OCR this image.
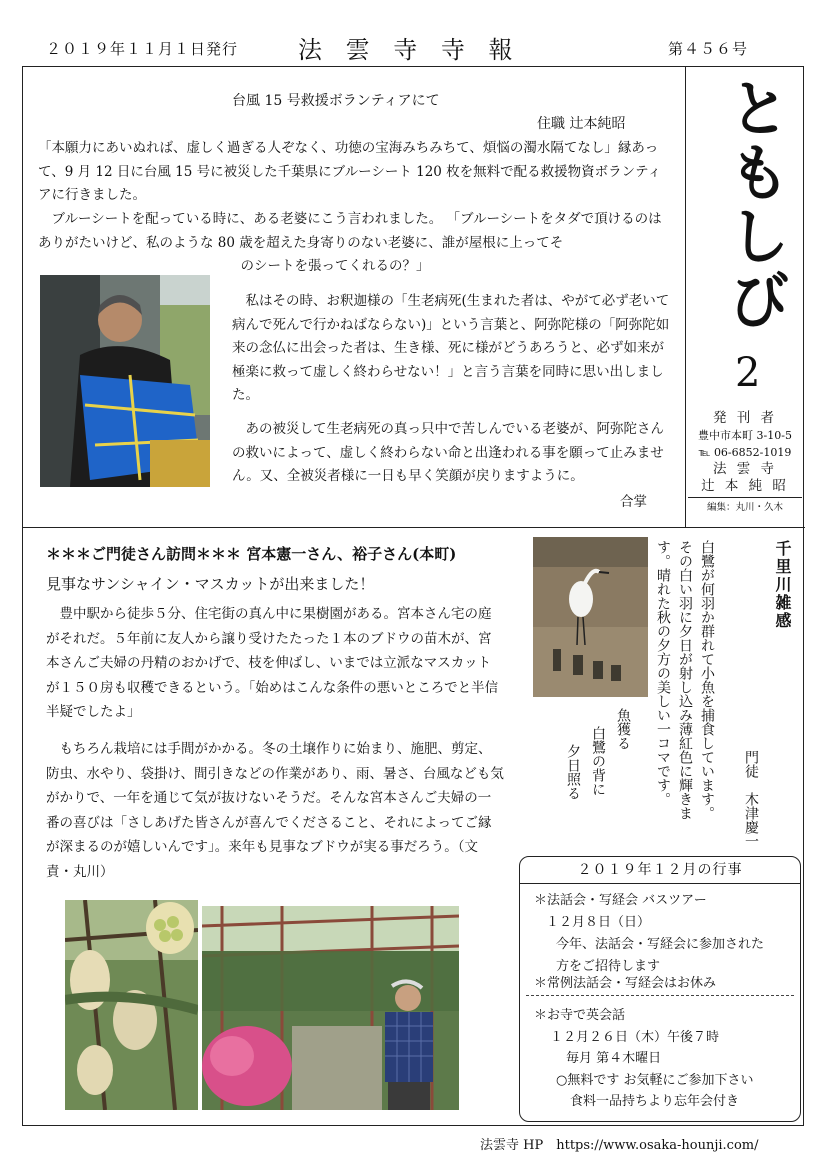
２０１９年１１月１日発行 法 雲 寺 寺 報	第４５６号
台風 15 号救援ボランティアにて
住職 辻本純昭
「本願力にあいぬれば、虚しく過ぎる人ぞなく、功徳の宝海みちみちて、煩悩の濁水隔てなし」縁あって、9 月 12 日に台風 15 号に被災した千葉県にブルーシート 120 枚を無料で配る救援物資ボランティアに行きました。
ブルーシートを配っている時に、ある老婆にこう言われました。 「ブルーシートをタダで頂けるのはありがたいけど、私のような 80 歳を超えた身寄りのない老婆に、誰が屋根に上ってそ
のシートを張ってくれるの？」
私はその時、お釈迦様の「生老病死(生まれた者は、やがて必ず老いて病んで死んで行かねばならない)」という言葉と、阿弥陀様の「阿弥陀如来の念仏に出会った者は、生き様、死に様がどうあろうと、必ず如来が極楽に救って虚しく終わらせない！」と言う言葉を同時に思い出しました。
あの被災して生老病死の真っ只中で苦しんでいる老婆が、阿弥陀さんの救いによって、虚しく終わらない命と出逢われる事を願って止みません。又、全被災者様に一日も早く笑顔が戻りますように。
合掌
ともしび
2
発 刊 者
豊中市本町 3‑10‑5
℡ 06‑6852‑1019
法 雲 寺
辻 本 純 昭
編集：丸川・久木
＊＊＊ご門徒さん訪問＊＊＊ 宮本憲一さん、裕子さん(本町)
見事なサンシャイン・マスカットが出来ました！
豊中駅から徒歩５分、住宅街の真ん中に果樹園がある。宮本さん宅の庭がそれだ。５年前に友人から譲り受けたたった１本のブドウの苗木が、宮本さんご夫婦の丹精のおかげで、枝を伸ばし、いまでは立派なマスカットが１５０房も収穫できるという。「始めはこんな条件の悪いところでと半信半疑でしたよ」
もちろん栽培には手間がかかる。冬の土壌作りに始まり、施肥、剪定、防虫、水やり、袋掛け、間引きなどの作業があり、雨、暑さ、台風なども気がかりで、一年を通じて気が抜けないそうだ。そんな宮本さんご夫婦の一番の喜びは「さしあげた皆さんが喜んでくださること、それによってご縁が深まるのが嬉しいんです」。来年も見事なブドウが実る事だろう。（文責・丸川）
千里川雑感
門徒　木津慶一
白鷺が何羽か群れて小魚を捕食しています。その白い羽に夕日が射し込み薄紅色に輝きます。晴れた秋の夕方の美しい一コマです。
魚獲る
白鷺の背に
夕日照る
２０１９年１２月の行事
＊法話会・写経会 バスツアー
１２月８日（日）
今年、法話会・写経会に参加された
方をご招待します
＊常例法話会・写経会はお休み
＊お寺で英会話
１２月２６日（木）午後７時
毎月 第４木曜日
○無料です お気軽にご参加下さい
食料一品持ちより忘年会付き
法雲寺 HP　https://www.osaka-hounji.com/
